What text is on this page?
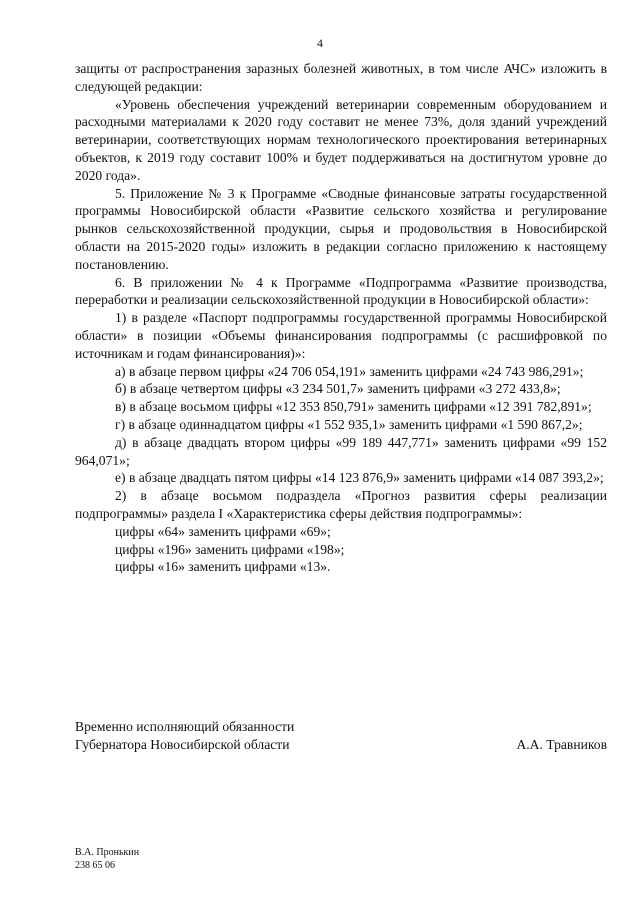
4

защиты от распространения заразных болезней животных, в том числе АЧС» изложить в следующей редакции:

«Уровень обеспечения учреждений ветеринарии современным оборудованием и расходными материалами к 2020 году составит не менее 73%, доля зданий учреждений ветеринарии, соответствующих нормам технологического проектирования ветеринарных объектов, к 2019 году составит 100% и будет поддерживаться на достигнутом уровне до 2020 года».

5. Приложение № 3 к Программе «Сводные финансовые затраты государственной программы Новосибирской области «Развитие сельского хозяйства и регулирование рынков сельскохозяйственной продукции, сырья и продовольствия в Новосибирской области на 2015-2020 годы» изложить в редакции согласно приложению к настоящему постановлению.

6. В приложении № 4 к Программе «Подпрограмма «Развитие производства, переработки и реализации сельскохозяйственной продукции в Новосибирской области»:

1) в разделе «Паспорт подпрограммы государственной программы Новосибирской области» в позиции «Объемы финансирования подпрограммы (с расшифровкой по источникам и годам финансирования)»:

а) в абзаце первом цифры «24 706 054,191» заменить цифрами «24 743 986,291»;

б) в абзаце четвертом цифры «3 234 501,7» заменить цифрами «3 272 433,8»;

в) в абзаце восьмом цифры «12 353 850,791» заменить цифрами «12 391 782,891»;

г) в абзаце одиннадцатом цифры «1 552 935,1» заменить цифрами «1 590 867,2»;

д) в абзаце двадцать втором цифры «99 189 447,771» заменить цифрами «99 152 964,071»;

е) в абзаце двадцать пятом цифры «14 123 876,9» заменить цифрами «14 087 393,2»;

2) в абзаце восьмом подраздела «Прогноз развития сферы реализации подпрограммы» раздела I «Характеристика сферы действия подпрограммы»:

цифры «64» заменить цифрами «69»;

цифры «196» заменить цифрами «198»;

цифры «16» заменить цифрами «13».

Временно исполняющий обязанности
Губернатора Новосибирской области	А.А. Травников
В.А. Пронькин
238 65 06
